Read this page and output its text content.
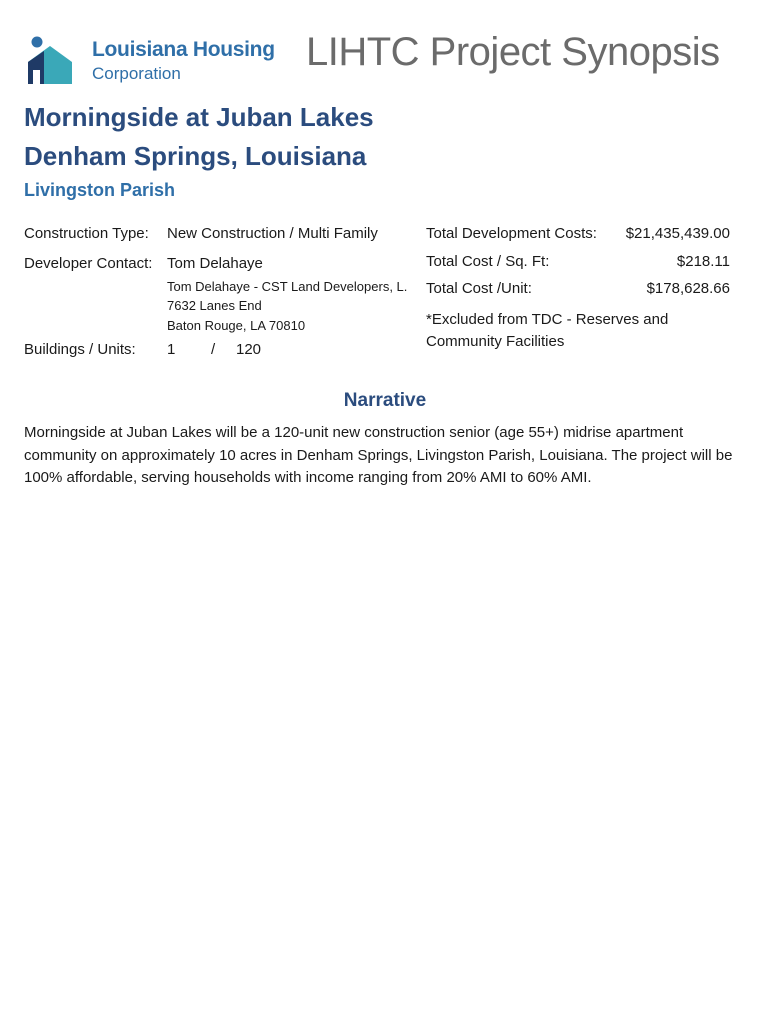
Louisiana Housing
Corporation	LIHTC Project Synopsis
Morningside at Juban Lakes
Denham Springs, Louisiana
Livingston Parish
Construction Type: New Construction / Multi Family
Developer Contact: Tom Delahaye
Tom Delahaye - CST Land Developers, L.
7632 Lanes End
Baton Rouge, LA 70810
Buildings / Units: 1 / 120
Total Development Costs: $21,435,439.00
Total Cost / Sq. Ft:	$218.11
Total Cost /Unit:	$178,628.66
*Excluded from TDC - Reserves and Community Facilities
Narrative
Morningside at Juban Lakes will be a 120-unit new construction senior (age 55+) midrise apartment community on approximately 10 acres in Denham Springs, Livingston Parish, Louisiana. The project will be 100% affordable, serving households with income ranging from 20% AMI to 60% AMI.
